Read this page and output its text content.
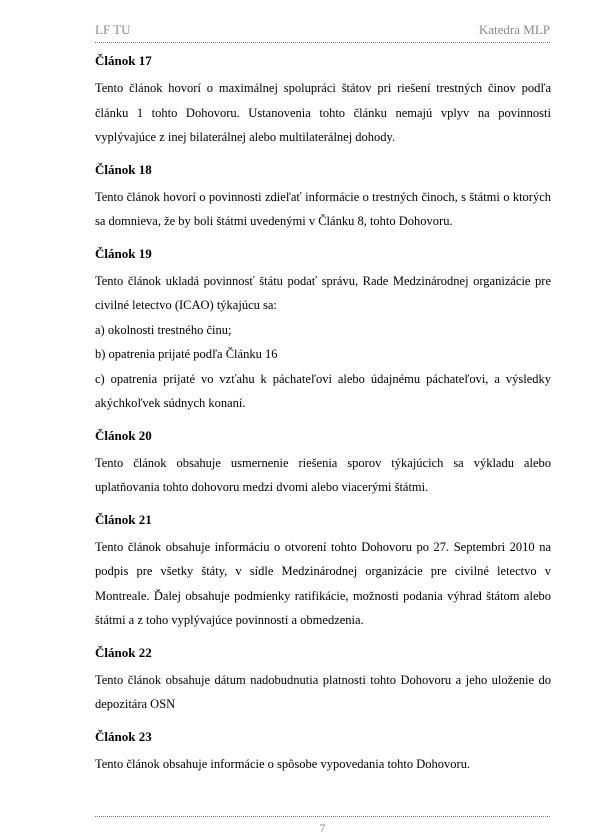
LF TU	Katedra MLP
Článok 17

Tento článok hovorí o maximálnej spolupráci štátov pri riešení trestných činov podľa článku 1 tohto Dohovoru. Ustanovenia tohto článku nemajú vplyv na povinnosti vyplývajúce z inej bilaterálnej alebo multilaterálnej dohody.

Článok 18

Tento článok hovorí o povinnosti zdieľať informácie o trestných činoch, s štátmi o ktorých sa domnieva, že by boli štátmi uvedenými v Článku 8, tohto Dohovoru.

Článok 19

Tento článok ukladá povinnosť štátu podať správu, Rade Medzinárodnej organizácie pre civilné letectvo (ICAO) týkajúcu sa:

a) okolnosti trestného činu;

b) opatrenia prijaté podľa Článku 16

c) opatrenia prijaté vo vzťahu k páchateľovi alebo údajnému páchateľovi, a výsledky akýchkoľvek súdnych konaní.

Článok 20

Tento článok obsahuje usmernenie riešenia sporov týkajúcich sa výkladu alebo uplatňovania tohto dohovoru medzi dvomi alebo viacerými štátmi.

Článok 21

Tento článok obsahuje informáciu o otvorení tohto Dohovoru po 27. Septembri 2010 na podpis pre všetky štáty, v sídle Medzinárodnej organizácie pre civilné letectvo v Montreale. Ďalej obsahuje podmienky ratifikácie, možnosti podania výhrad štátom alebo štátmi a z toho vyplývajúce povinnosti a obmedzenia.

Článok 22

Tento článok obsahuje dátum nadobudnutia platnosti tohto Dohovoru a jeho uloženie do depozitára OSN

Článok 23

Tento článok obsahuje informácie o spôsobe vypovedania tohto Dohovoru.

7
